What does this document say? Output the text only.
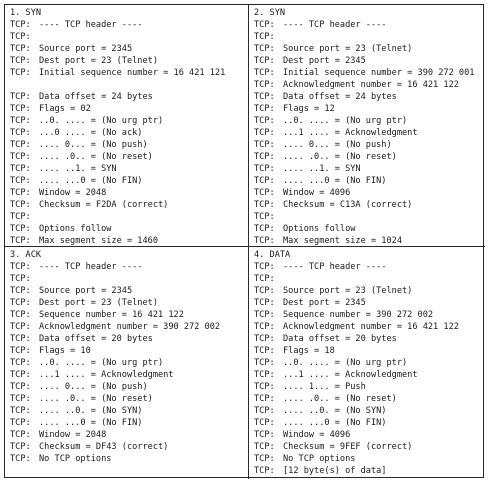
1. SYN
TCP: ---- TCP header ----
TCP:
TCP: Source port = 2345
TCP: Dest port = 23 (Telnet)
TCP: Initial sequence number = 16 421 121
TCP: Data offset = 24 bytes
TCP: Flags = 02
TCP: ..0. .... = (No urg ptr)
TCP: ...0 .... = (No ack)
TCP: .... 0... = (No push)
TCP: .... .0.. = (No reset)
TCP: .... ..1. = SYN
TCP: .... ...0 = (No FIN)
TCP: Window = 2048
TCP: Checksum = F2DA (correct)
TCP:
TCP: Options follow
TCP: Max segment size = 1460
2. SYN
TCP: ---- TCP header ----
TCP:
TCP: Source port = 23 (Telnet)
TCP: Dest port = 2345
TCP: Initial sequence number = 390 272 001
TCP: Acknowledgment number = 16 421 122
TCP: Data offset = 24 bytes
TCP: Flags = 12
TCP: ..0. .... = (No urg ptr)
TCP: ...1 .... = Acknowledgment
TCP: .... 0... = (No push)
TCP: .... .0.. = (No reset)
TCP: .... ..1. = SYN
TCP: .... ...0 = (No FIN)
TCP: Window = 4096
TCP: Checksum = C13A (correct)
TCP:
TCP: Options follow
TCP: Max segment size = 1024
3. ACK
TCP: ---- TCP header ----
TCP:
TCP: Source port = 2345
TCP: Dest port = 23 (Telnet)
TCP: Sequence number = 16 421 122
TCP: Acknowledgment number = 390 272 002
TCP: Data offset = 20 bytes
TCP: Flags = 10
TCP: ..0. .... = (No urg ptr)
TCP: ...1 .... = Acknowledgment
TCP: .... 0... = (No push)
TCP: .... .0.. = (No reset)
TCP: .... ..0. = (No SYN)
TCP: .... ...0 = (No FIN)
TCP: Window = 2048
TCP: Checksum = DF43 (correct)
TCP: No TCP options
4. DATA
TCP: ---- TCP header ----
TCP:
TCP: Source port = 23 (Telnet)
TCP: Dest port = 2345
TCP: Sequence number = 390 272 002
TCP: Acknowledgment number = 16 421 122
TCP: Data offset = 20 bytes
TCP: Flags = 18
TCP: ..0. .... = (No urg ptr)
TCP: ...1 .... = Acknowledgment
TCP: .... 1... = Push
TCP: .... .0.. = (No reset)
TCP: .... ..0. = (No SYN)
TCP: .... ...0 = (No FIN)
TCP: Window = 4096
TCP: Checksum = 9FEF (correct)
TCP: No TCP options
TCP: [12 byte(s) of data]
